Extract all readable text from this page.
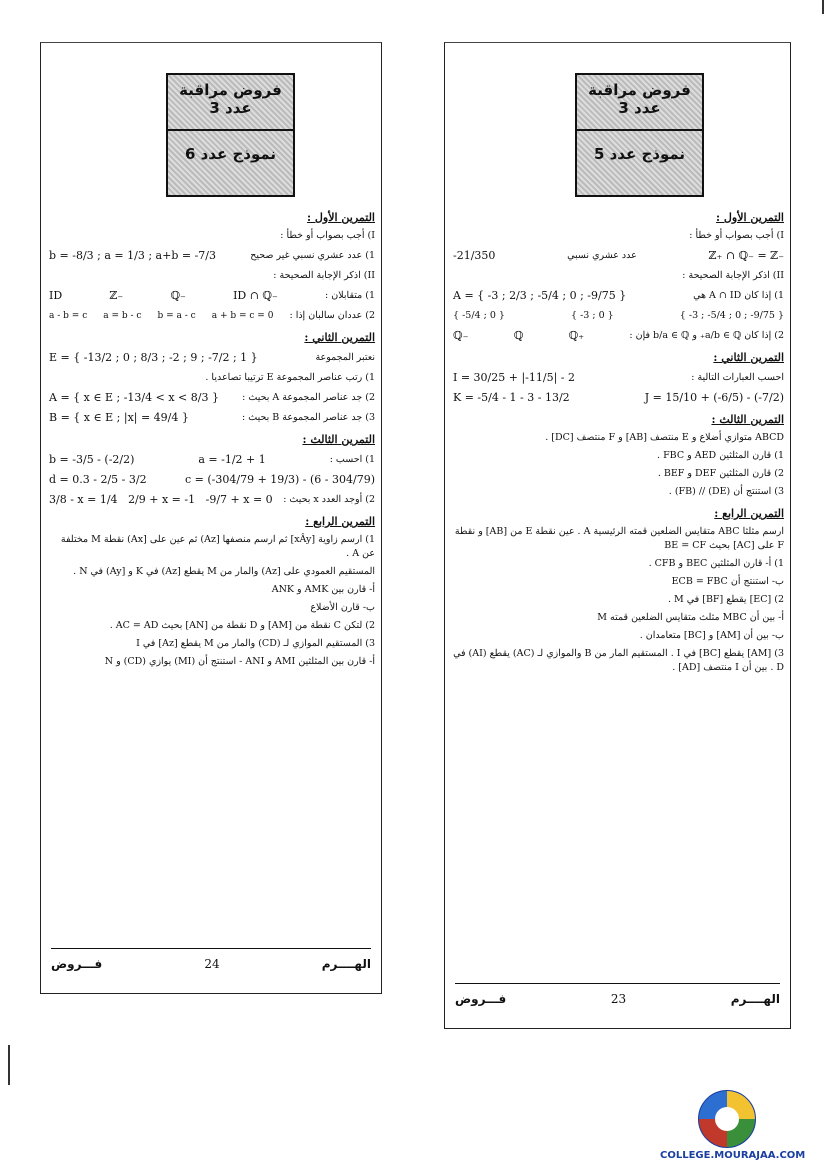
فروض مراقبة عدد 3
نموذج عدد 6
التمرين الأول :
I) أجب بصواب أو خطأ :
1) عدد عشري نسبي غير صحيح
b = -8/3 ; a = 1/3 ; a+b = -7/3
II) اذكر الإجابة الصحيحة :
1) متقابلان :
ID ∩ ℚ₋
ℚ₋
ℤ₋
ID
2) عددان سالبان إذا :
a + b = c = 0
b = a - c
a = b - c
a - b = c
التمرين الثاني :
نعتبر المجموعة
E = { -13/2 ; 0 ; 8/3 ; -2 ; 9 ; -7/2 ; 1 }
1) رتب عناصر المجموعة E ترتيبا تصاعديا .
2) جد عناصر المجموعة A بحيث :
A = { x ∈ E ; -13/4 < x < 8/3 }
3) جد عناصر المجموعة B بحيث :
B = { x ∈ E ; |x| = 49/4 }
التمرين الثالث :
1) احسب :
a = -1/2 + 1
b = -3/5 - (-2/2)
c = (-304/79 + 19/3) - (6 - 304/79)
d = 0.3 - 2/5 - 3/2
2) أوجد العدد x بحيث :
-9/7 + x = 0
2/9 + x = -1
3/8 - x = 1/4
التمرين الرابع :
1) ارسم زاوية [xÂy] ثم ارسم منصفها [Az) ثم عين على [Ax) نقطة M مختلفة عن A .
المستقيم العمودي على [Az) والمار من M يقطع [Az) في K و [Ay) في N .
أ- قارن بين AMK و ANK
ب- قارن الأضلاع
2) لتكن C نقطة من [AM] و D نقطة من [AN] بحيث AC = AD .
3) المستقيم الموازي لـ (CD) والمار من M يقطع [Az] في I
أ- قارن بين المثلثين AMI و ANI - استنتج أن (MI) يوازي (CD) و N
فـــروض	24	الهــــرم
فروض مراقبة عدد 3
نموذج عدد 5
التمرين الأول :
I) أجب بصواب أو خطأ :
ℤ₊ ∩ ℚ₋ = ℤ₋
عدد عشري نسبي
-21/350
II) اذكر الإجابة الصحيحة :
1) إذا كان A ∩ ID هي
A = { -3 ; 2/3 ; -5/4 ; 0 ; -9/75 }
{ -3 ; -5/4 ; 0 ; -9/75 }
{ -3 ; 0 }
{ -5/4 ; 0 }
2) إذا كان a/b ∈ ℚ₊ و b/a ∈ ℚ فإن :
ℚ₊
ℚ
ℚ₋
التمرين الثاني :
احسب العبارات التالية :
I = 30/25 + |-11/5| - 2
J = 15/10 + (-6/5) - (-7/2)
K = -5/4 - 1 - 3 - 13/2
التمرين الثالث :
ABCD متوازي أضلاع و E منتصف [AB] و F منتصف [DC] .
1) قارن المثلثين AED و FBC .
2) قارن المثلثين DEF و BEF .
3) استنتج أن (DE) // (FB) .
التمرين الرابع :
ارسم مثلثا ABC متقايس الضلعين قمته الرئيسية A . عين نقطة E من [AB] و نقطة F على [AC] بحيث BE = CF
1) أ- قارن المثلثين BEC و CFB .
ب- استنتج أن ECB = FBC
2) [EC] يقطع [BF] في M .
أ- بين أن MBC مثلث متقايس الضلعين قمته M
ب- بين أن [AM] و [BC] متعامدان .
3) [AM] يقطع [BC] في I . المستقيم المار من B والموازي لـ (AC) يقطع (AI) في D . بين أن I منتصف [AD] .
فـــروض	23	الهــــرم
COLLEGE.MOURAJAA.COM
